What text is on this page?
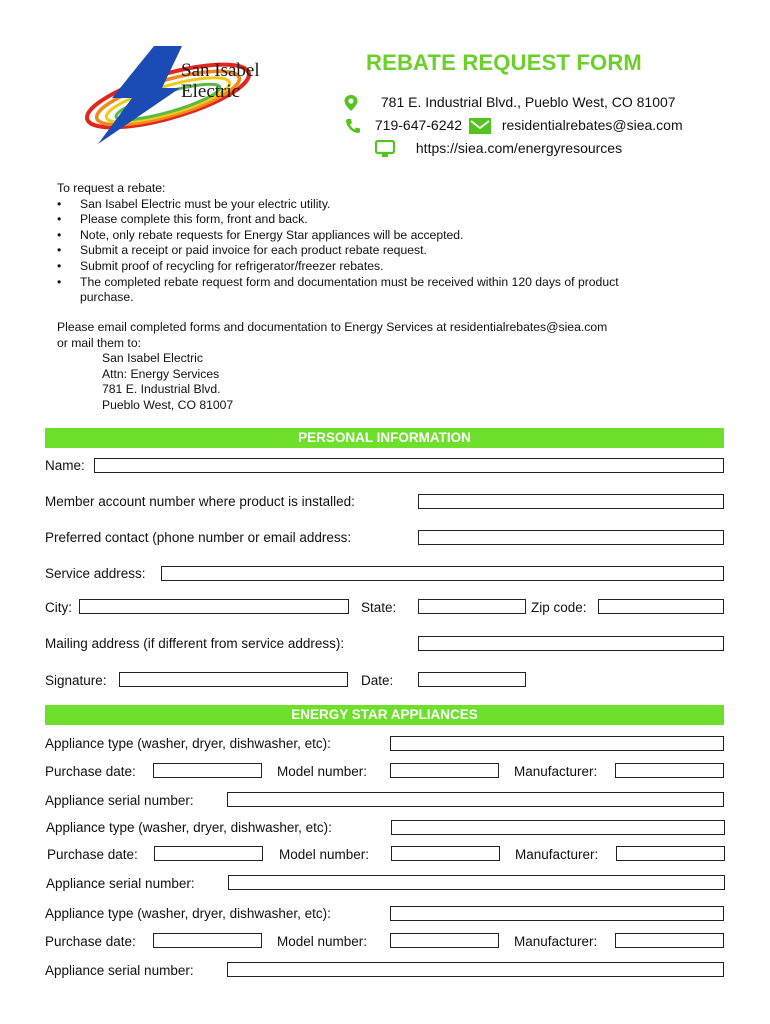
San Isabel
Electric
REBATE REQUEST FORM
781 E. Industrial Blvd., Pueblo West, CO 81007
719-647-6242	residentialrebates@siea.com
https://siea.com/energyresources
To request a rebate:
• San Isabel Electric must be your electric utility.
• Please complete this form, front and back.
• Note, only rebate requests for Energy Star appliances will be accepted.
• Submit a receipt or paid invoice for each product rebate request.
• Submit proof of recycling for refrigerator/freezer rebates.
• The completed rebate request form and documentation must be received within 120 days of product purchase.
Please email completed forms and documentation to Energy Services at residentialrebates@siea.com
or mail them to:
San Isabel Electric
Attn: Energy Services
781 E. Industrial Blvd.
Pueblo West, CO 81007
PERSONAL INFORMATION
Name:
Member account number where product is installed:
Preferred contact (phone number or email address:
Service address:
City:	State:	Zip code:
Mailing address (if different from service address):
Signature:	Date:
ENERGY STAR APPLIANCES
Appliance type (washer, dryer, dishwasher, etc):
Purchase date:	Model number:	Manufacturer:
Appliance serial number:
Appliance type (washer, dryer, dishwasher, etc):
Purchase date:	Model number:	Manufacturer:
Appliance serial number:
Appliance type (washer, dryer, dishwasher, etc):
Purchase date:	Model number:	Manufacturer:
Appliance serial number:
